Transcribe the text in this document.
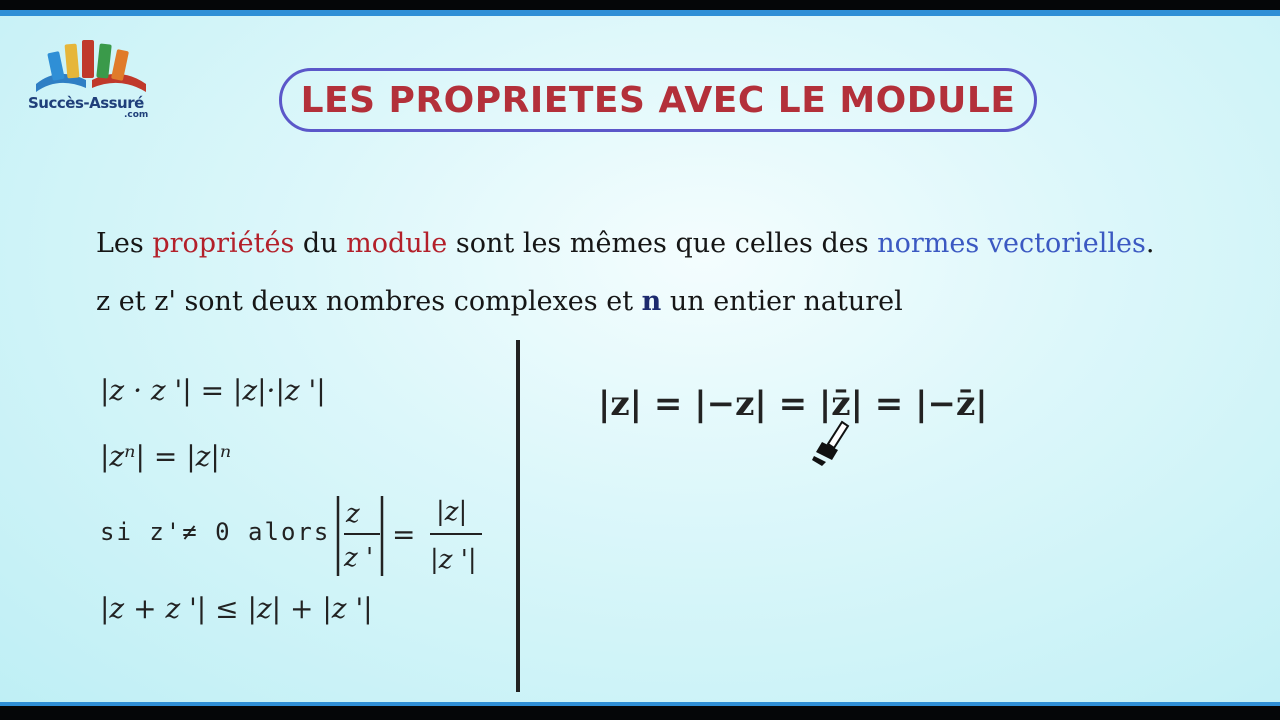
Succès-Assuré
.com	LES PROPRIETES AVEC LE MODULE
Les propriétés du module sont les mêmes que celles des normes vectorielles.
z et z' sont deux nombres complexes et n un entier naturel
|z · z '| = |z|·|z '|
|zⁿ| = |z|ⁿ
si z'≠ 0 alors
z
z '
=
|z|
|z '|
|z + z '| ≤ |z| + |z '|
|z| = |−z| = |z̄| = |−z̄|
